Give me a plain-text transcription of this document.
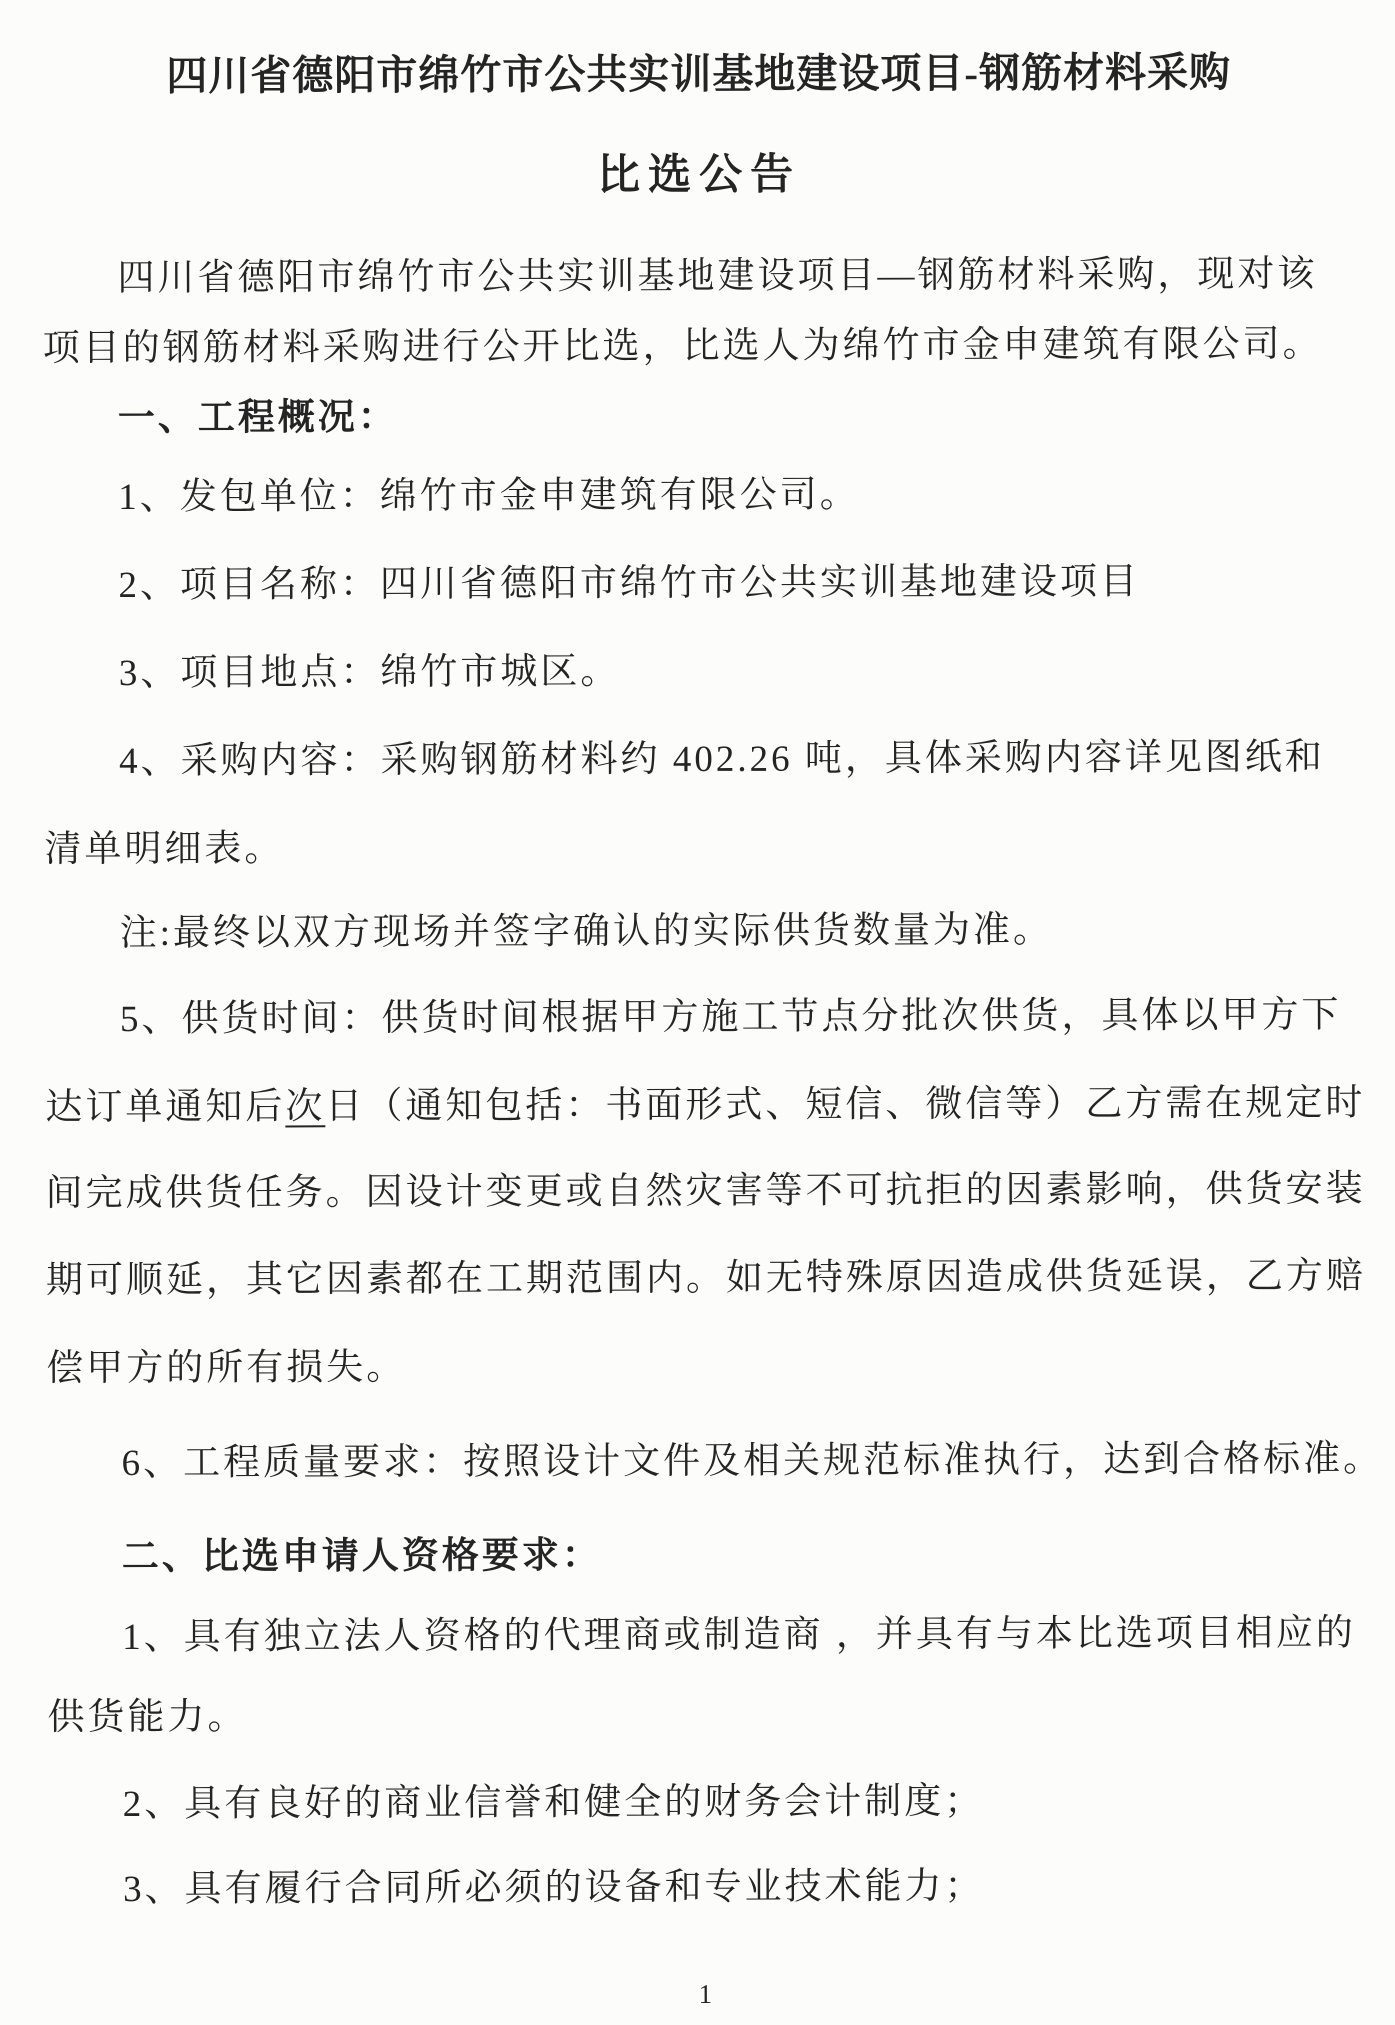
四川省德阳市绵竹市公共实训基地建设项目-钢筋材料采购
比选公告

四川省德阳市绵竹市公共实训基地建设项目—钢筋材料采购，现对该

项目的钢筋材料采购进行公开比选，比选人为绵竹市金申建筑有限公司。

一、工程概况：

1、发包单位：绵竹市金申建筑有限公司。

2、项目名称：四川省德阳市绵竹市公共实训基地建设项目

3、项目地点：绵竹市城区。

4、采购内容：采购钢筋材料约 402.26 吨，具体采购内容详见图纸和

清单明细表。

注:最终以双方现场并签字确认的实际供货数量为准。

5、供货时间：供货时间根据甲方施工节点分批次供货，具体以甲方下

达订单通知后次日（通知包括：书面形式、短信、微信等）乙方需在规定时

间完成供货任务。因设计变更或自然灾害等不可抗拒的因素影响，供货安装

期可顺延，其它因素都在工期范围内。如无特殊原因造成供货延误，乙方赔

偿甲方的所有损失。

6、工程质量要求：按照设计文件及相关规范标准执行，达到合格标准。

二、比选申请人资格要求：

1、具有独立法人资格的代理商或制造商 ，并具有与本比选项目相应的

供货能力。

2、具有良好的商业信誉和健全的财务会计制度；

3、具有履行合同所必须的设备和专业技术能力；

1
